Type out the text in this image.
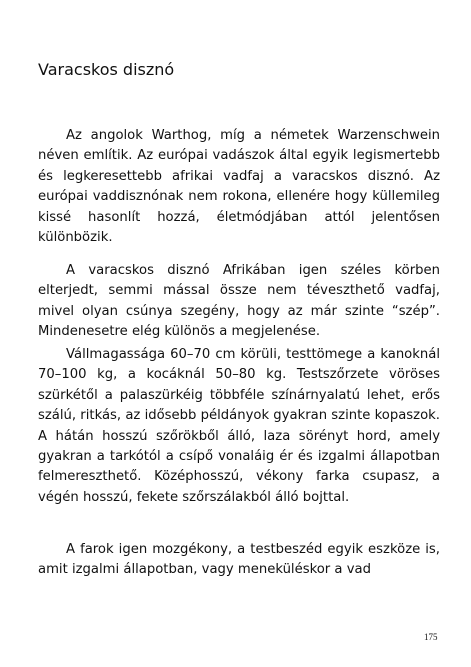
Varacskos disznó

Az angolok Warthog, míg a németek Warzenschwein néven említik. Az európai vadászok által egyik legismertebb és legkeresettebb afrikai vadfaj a varacskos disznó. Az európai vaddisznónak nem rokona, ellenére hogy küllemileg kissé hasonlít hozzá, életmódjában attól jelentősen különbözik.

A varacskos disznó Afrikában igen széles körben elterjedt, semmi mással össze nem téveszthető vadfaj, mivel olyan csúnya szegény, hogy az már szinte “szép”. Mindenesetre elég különös a megjelenése.

Vállmagassága 60–70 cm körüli, testtömege a kanoknál 70–100 kg, a kocáknál 50–80 kg. Testszőrzete vöröses szürkétől a palaszürkéig többféle színárnyalatú lehet, erős szálú, ritkás, az idősebb példányok gyakran szinte kopaszok. A hátán hosszú szőrökből álló, laza sörényt hord, amely gyakran a tarkótól a csípő vonaláig ér és izgalmi állapotban felmereszthető. Középhosszú, vékony farka csupasz, a végén hosszú, fekete szőrszálakból álló bojttal.

A farok igen mozgékony, a testbeszéd egyik eszköze is, amit izgalmi állapotban, vagy meneküléskor a vad

175
